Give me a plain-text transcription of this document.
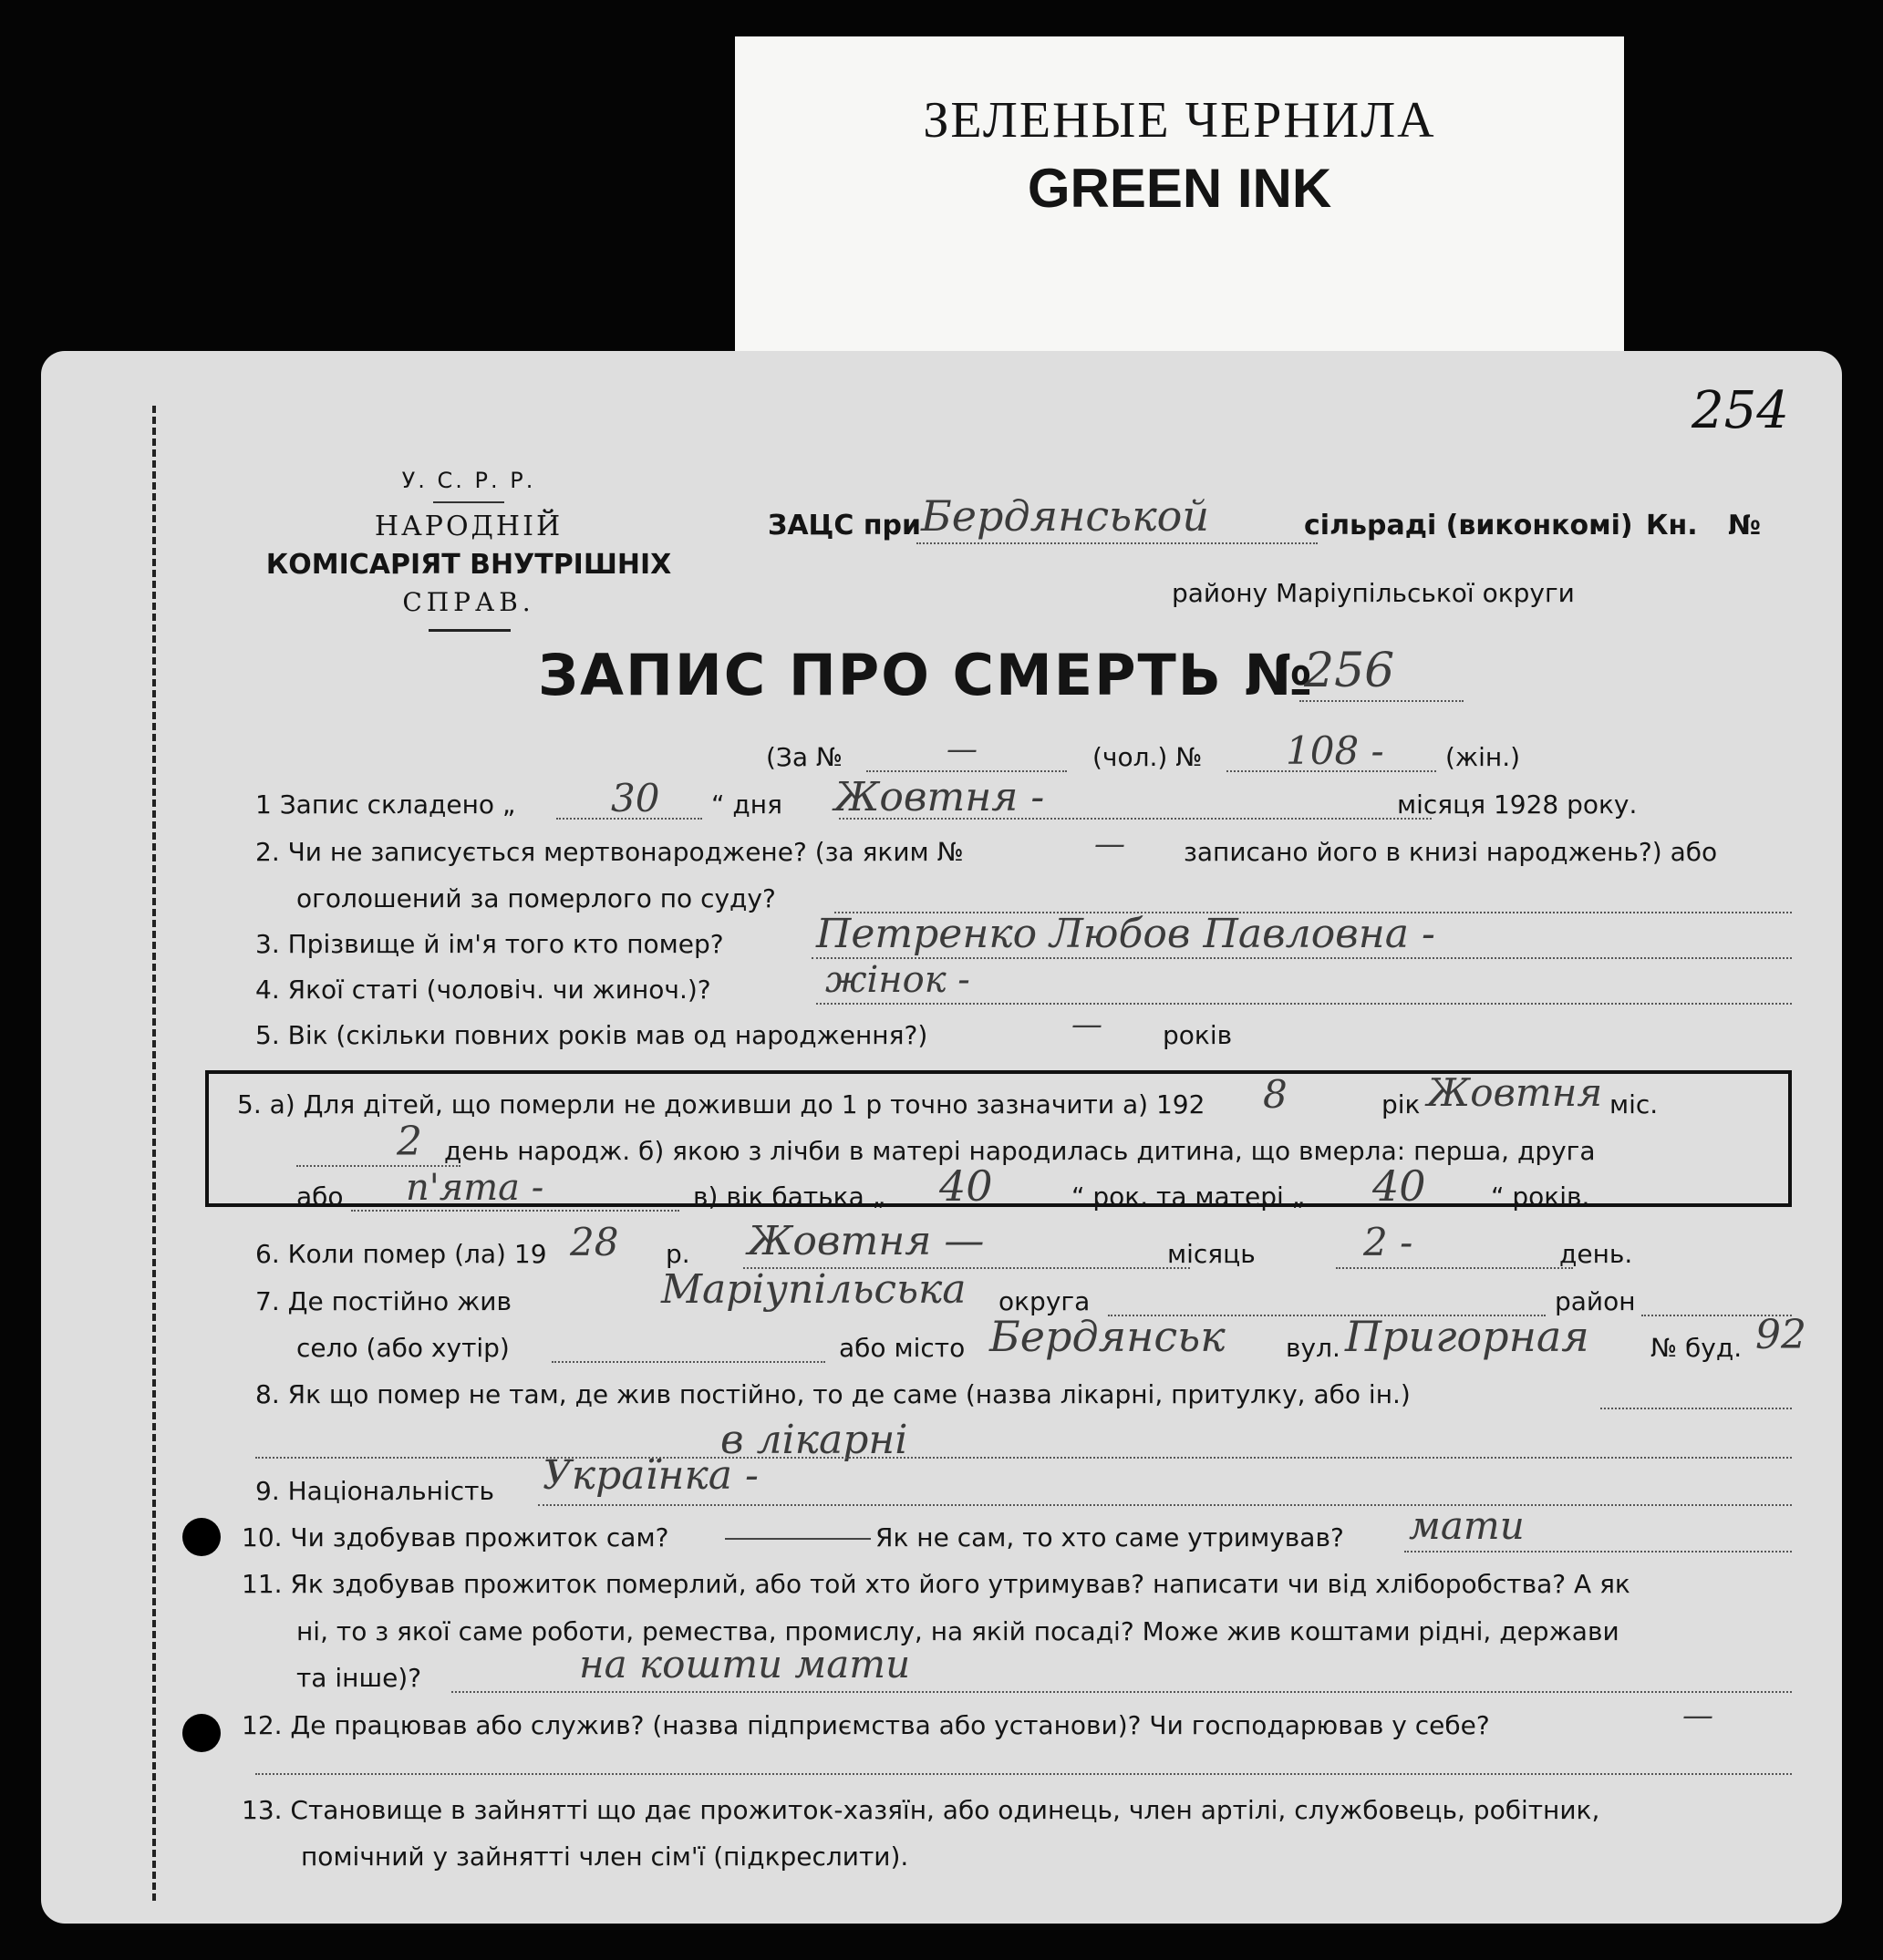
ЗЕЛЕНЫЕ ЧЕРНИЛА
GREEN INK
254
У. С. Р. Р.
НАРОДНІЙ
КОМІСАРІЯТ ВНУТРІШНІХ
СПРАВ.
ЗАЦС при Бердянськой	сільраді (виконкомі) Кн. №
району Маріупільської округи
ЗАПИС ПРО СМЕРТЬ №
256
(За №	—	(чол.) № 108 - (жін.)
1 Запис складено „ 30 “ дня Жовтня -	місяця 1928 року.
2. Чи не записується мертвонароджене? (за яким №	— записано його в книзі народжень?) або
оголошений за померлого по суду?
3. Прізвище й ім'я того кто помер? Петренко Любов Павловна -
4. Якої статі (чоловіч. чи жиноч.)?	жінок -
5. Вік (скільки повних років мав од народження?)	— років
5. а) Для дітей, що померли не доживши до 1 р точно зазначити а) 192 8	рік Жовтня міс.
2 день народж. б) якою з лічби в матері народилась дитина, що вмерла: перша, друга
або п'ята -	в) вік батька „ 40	“ рок. та матері „ 40	“ років.
6. Коли помер (ла) 19 28 р. Жовтня —	місяць	2 -	день.
7. Де постійно жив	Маріупільська округа	район
село (або хутір)	або місто Бердянськ вул. Пригорная № буд. 92
8. Як що помер не там, де жив постійно, то де саме (назва лікарні, притулку, або ін.)
в лікарні
9. Національність Українка -
10. Чи здобував прожиток сам?	Як не сам, то хто саме утримував? мати
11. Як здобував прожиток померлий, або той хто його утримував? написати чи від хліборобства? А як
ні, то з якої саме роботи, ремества, промислу, на якій посаді? Може жив коштами рідні, держави
та інше)?	на кошти мати
12. Де працював або служив? (назва підприємства або установи)? Чи господарював у себе?	—
13. Становище в зайнятті що дає прожиток-хазяїн, або одинець, член артілі, службовець, робітник,
помічний у зайнятті член сім'ї (підкреслити).
